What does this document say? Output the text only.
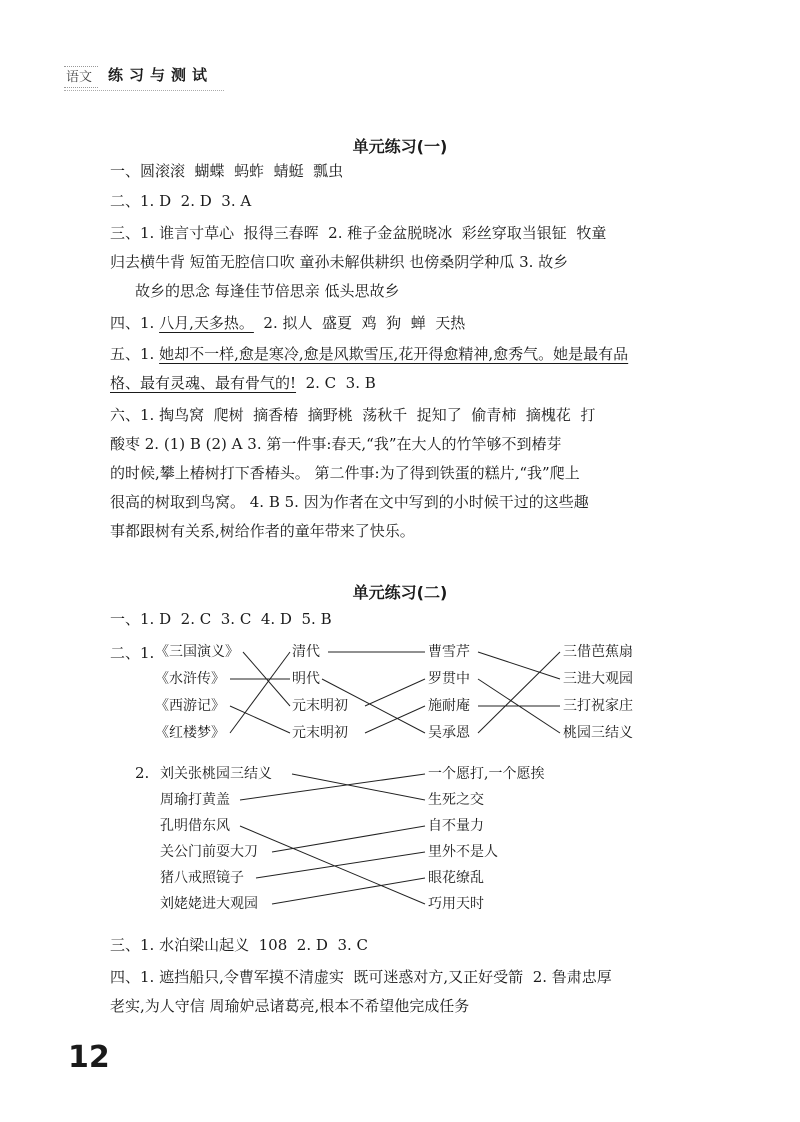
语文 练习与测试
单元练习(一)
一、圆滚滚  蝴蝶  蚂蚱  蜻蜓  瓢虫
二、1. D  2. D  3. A
三、1. 谁言寸草心  报得三春晖  2. 稚子金盆脱晓冰  彩丝穿取当银钲  牧童
归去横牛背 短笛无腔信口吹 童孙未解供耕织 也傍桑阴学种瓜 3. 故乡
故乡的思念 每逢佳节倍思亲 低头思故乡
四、1. 八月,天多热。  2. 拟人  盛夏  鸡  狗  蝉  天热
五、1. 她却不一样,愈是寒冷,愈是风欺雪压,花开得愈精神,愈秀气。她是最有品
格、最有灵魂、最有骨气的!  2. C  3. B
六、1. 掏鸟窝  爬树  摘香椿  摘野桃  荡秋千  捉知了  偷青柿  摘槐花  打
酸枣 2. (1) B (2) A 3. 第一件事:春天,“我”在大人的竹竿够不到椿芽
的时候,攀上椿树打下香椿头。 第二件事:为了得到铁蛋的糕片,“我”爬上
很高的树取到鸟窝。 4. B 5. 因为作者在文中写到的小时候干过的这些趣
事都跟树有关系,树给作者的童年带来了快乐。
单元练习(二)
一、1. D  2. C  3. C  4. D  5. B
二、1. 《三国演义》
《水浒传》
《西游记》
《红楼梦》
清代
明代
元末明初
元末明初
曹雪芹
罗贯中
施耐庵
吴承恩
三借芭蕉扇
三进大观园
三打祝家庄
桃园三结义
2. 刘关张桃园三结义
周瑜打黄盖
孔明借东风
关公门前耍大刀
猪八戒照镜子
刘姥姥进大观园
一个愿打,一个愿挨
生死之交
自不量力
里外不是人
眼花缭乱
巧用天时
三、1. 水泊梁山起义  108  2. D  3. C
四、1. 遮挡船只,令曹军摸不清虚实  既可迷惑对方,又正好受箭  2. 鲁肃忠厚
老实,为人守信 周瑜妒忌诸葛亮,根本不希望他完成任务
12
